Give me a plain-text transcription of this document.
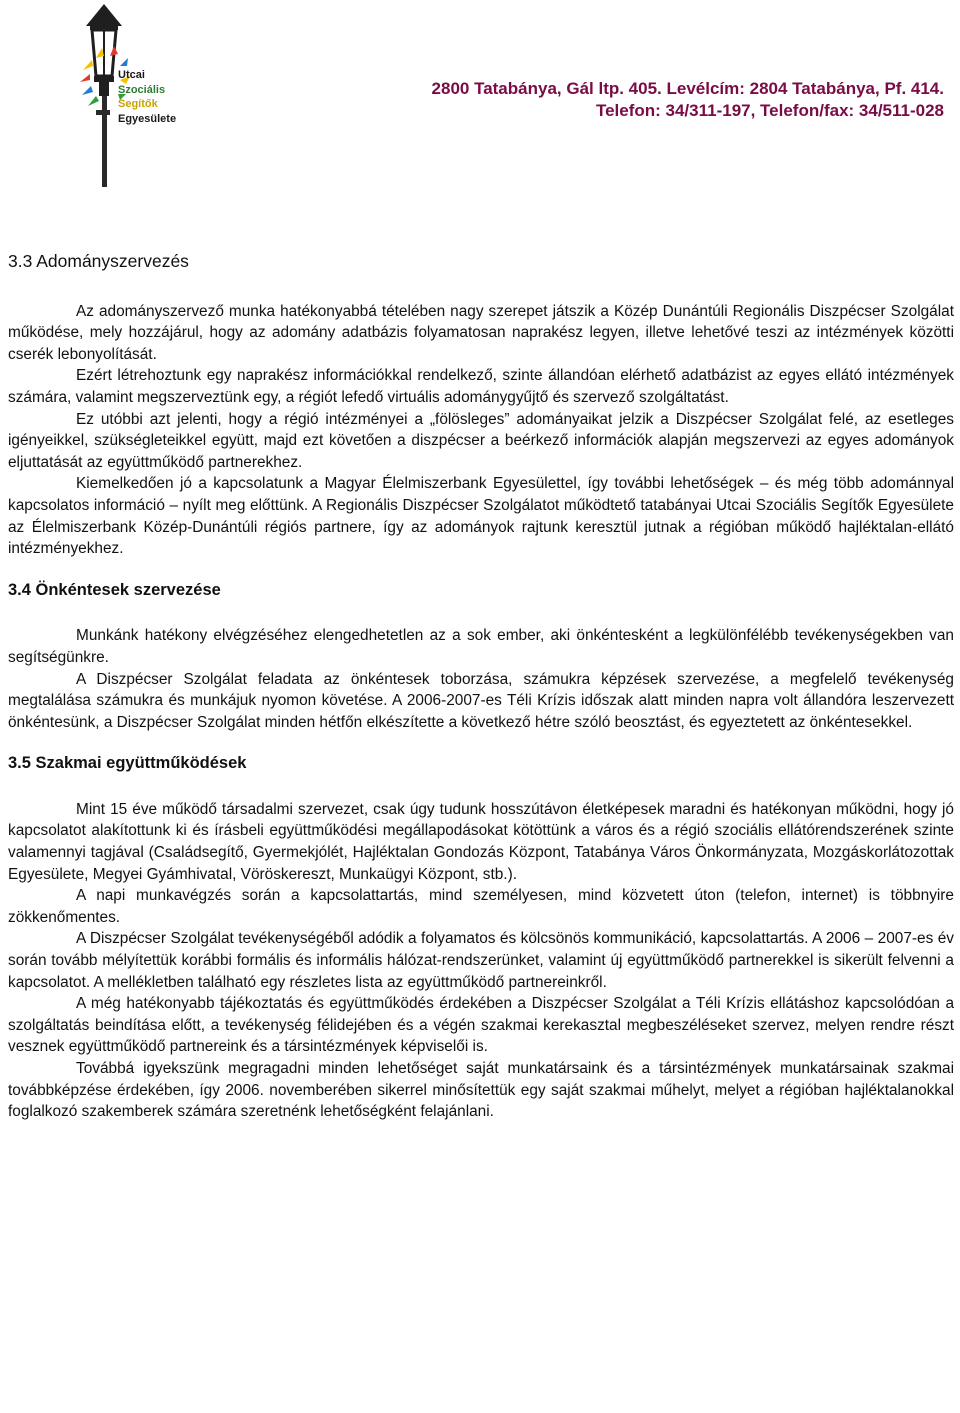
Utcai
Szociális
Segítők
Egyesülete
2800 Tatabánya, Gál ltp. 405. Levélcím: 2804 Tatabánya, Pf. 414.
Telefon: 34/311-197, Telefon/fax: 34/511-028
3.3 Adományszervezés

Az adományszervező munka hatékonyabbá tételében nagy szerepet játszik a Közép Dunántúli Regionális Diszpécser Szolgálat működése, mely hozzájárul, hogy az adomány adatbázis folyamatosan naprakész legyen, illetve lehetővé teszi az intézmények közötti cserék lebonyolítását.

Ezért létrehoztunk egy naprakész információkkal rendelkező, szinte állandóan elérhető adatbázist az egyes ellátó intézmények számára, valamint megszerveztünk egy, a régiót lefedő virtuális adománygyűjtő és szervező szolgáltatást.

Ez utóbbi azt jelenti, hogy a régió intézményei a „fölösleges” adományaikat jelzik a Diszpécser Szolgálat felé, az esetleges igényeikkel, szükségleteikkel együtt, majd ezt követően a diszpécser a beérkező információk alapján megszervezi az egyes adományok eljuttatását az együttműködő partnerekhez.

Kiemelkedően jó a kapcsolatunk a Magyar Élelmiszerbank Egyesülettel, így további lehetőségek – és még több adománnyal kapcsolatos információ – nyílt meg előttünk. A Regionális Diszpécser Szolgálatot működtető tatabányai Utcai Szociális Segítők Egyesülete az Élelmiszerbank Közép-Dunántúli régiós partnere, így az adományok rajtunk keresztül jutnak a régióban működő hajléktalan-ellátó intézményekhez.

3.4 Önkéntesek szervezése

Munkánk hatékony elvégzéséhez elengedhetetlen az a sok ember, aki önkéntesként a legkülönfélébb tevékenységekben van segítségünkre.

A Diszpécser Szolgálat feladata az önkéntesek toborzása, számukra képzések szervezése, a megfelelő tevékenység megtalálása számukra és munkájuk nyomon követése. A 2006-2007-es Téli Krízis időszak alatt minden napra volt állandóra leszervezett önkéntesünk, a Diszpécser Szolgálat minden hétfőn elkészítette a következő hétre szóló beosztást, és egyeztetett az önkéntesekkel.

3.5 Szakmai együttműködések

Mint 15 éve működő társadalmi szervezet, csak úgy tudunk hosszútávon életképesek maradni és hatékonyan működni, hogy jó kapcsolatot alakítottunk ki és írásbeli együttműködési megállapodásokat kötöttünk a város és a régió szociális ellátórendszerének szinte valamennyi tagjával (Családsegítő, Gyermekjólét, Hajléktalan Gondozás Központ, Tatabánya Város Önkormányzata, Mozgáskorlátozottak Egyesülete, Megyei Gyámhivatal, Vöröskereszt, Munkaügyi Központ, stb.).

A napi munkavégzés során a kapcsolattartás, mind személyesen, mind közvetett úton (telefon, internet) is többnyire zökkenőmentes.

A Diszpécser Szolgálat tevékenységéből adódik a folyamatos és kölcsönös kommunikáció, kapcsolattartás. A 2006 – 2007-es év során tovább mélyítettük korábbi formális és informális hálózat-rendszerünket, valamint új együttműködő partnerekkel is sikerült felvenni a kapcsolatot. A mellékletben található egy részletes lista az együttműködő partnereinkről.

A még hatékonyabb tájékoztatás és együttműködés érdekében a Diszpécser Szolgálat a Téli Krízis ellátáshoz kapcsolódóan a szolgáltatás beindítása előtt, a tevékenység félidejében és a végén szakmai kerekasztal megbeszéléseket szervez, melyen rendre részt vesznek együttműködő partnereink és a társintézmények képviselői is.

Továbbá igyekszünk megragadni minden lehetőséget saját munkatársaink és a társintézmények munkatársainak szakmai továbbképzése érdekében, így 2006. novemberében sikerrel minősítettük egy saját szakmai műhelyt, melyet a régióban hajléktalanokkal foglalkozó szakemberek számára szeretnénk lehetőségként felajánlani.
